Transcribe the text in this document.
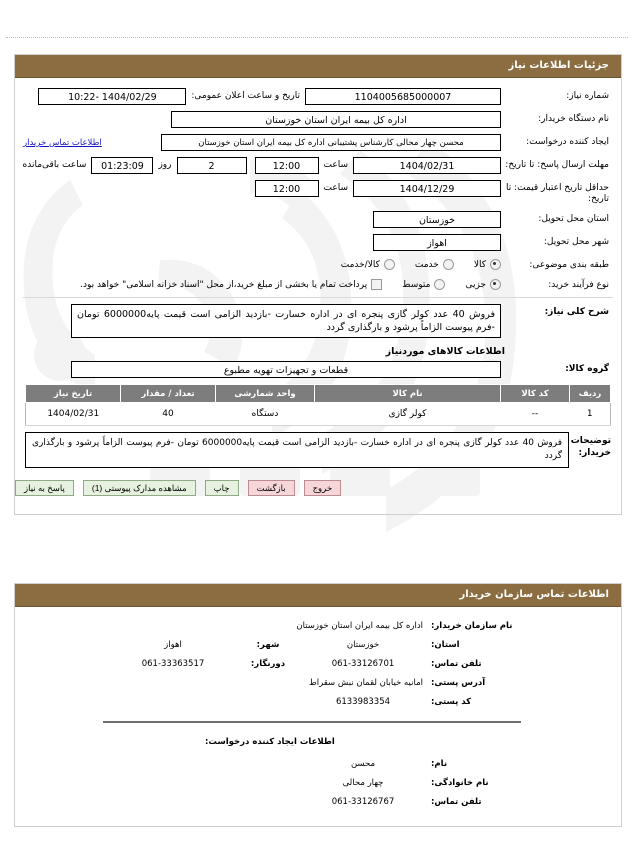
جزئیات اطلاعات نیاز
شماره نیاز:
1104005685000007
تاریخ و ساعت اعلان عمومی:
1404/02/29 -10:22
نام دستگاه خریدار:
اداره کل بیمه ایران استان خوزستان
ایجاد کننده درخواست:
محسن چهار محالی کارشناس پشتیبانی اداره کل بیمه ایران استان خوزستان
اطلاعات تماس خریدار
مهلت ارسال پاسخ: تا تاریخ:
1404/02/31
ساعت
12:00
2
روز
01:23:09
ساعت باقی‌مانده
حداقل تاریخ اعتبار قیمت: تا تاریخ:
1404/12/29
ساعت
12:00
استان محل تحویل:
خوزستان
شهر محل تحویل:
اهواز
طبقه بندی موضوعی:
کالا
خدمت
کالا/خدمت
نوع فرآیند خرید:
جزیی
متوسط
پرداخت تمام یا بخشی از مبلغ خرید،از محل "اسناد خزانه اسلامی" خواهد بود.
شرح کلی نیاز:
فروش 40 عدد کولر گازی پنجره ای در اداره خسارت -بازدید الزامی است قیمت پایه6000000 تومان -فرم پیوست الزاماً پرشود و بارگذاری گردد
اطلاعات کالاهای موردنیاز
گروه کالا:
قطعات و تجهیزات تهویه مطبوع
ردیف	کد کالا	نام کالا	واحد شمارشی	تعداد / مقدار	تاریخ نیاز
1	--	کولر گازی	دستگاه	40	1404/02/31
توضیحات خریدار:
فروش 40 عدد کولر گازی پنجره ای در اداره خسارت -بازدید الزامی است قیمت پایه6000000 تومان -فرم پیوست الزاماً پرشود و بارگذاری گردد
پاسخ به نیاز	مشاهده مدارک پیوستی (1)	چاپ	بازگشت	خروج
اطلاعات تماس سازمان خریدار
نام سازمان خریدار:
اداره کل بیمه ایران استان خوزستان
استان:
خوزستان
شهر:
اهواز
تلفن تماس:
061-33126701
دورنگار:
061-33363517
آدرس پستی:
امانیه خیابان لقمان نبش سقراط
کد پستی:
6133983354
اطلاعات ایجاد کننده درخواست:
نام:
محسن
نام خانوادگی:
چهار محالی
تلفن تماس:
061-33126767
